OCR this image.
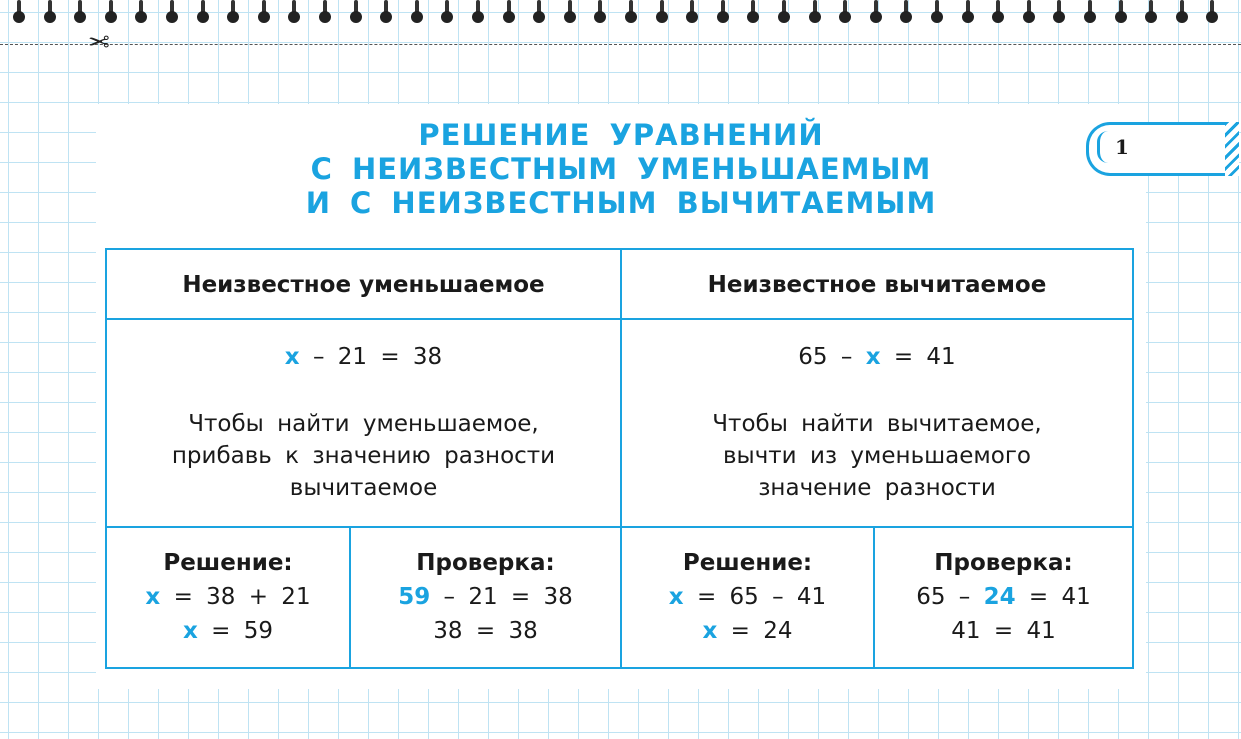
✂
РЕШЕНИЕ УРАВНЕНИЙ
С НЕИЗВЕСТНЫМ УМЕНЬШАЕМЫМ
И С НЕИЗВЕСТНЫМ ВЫЧИТАЕМЫМ
1
Неизвестное уменьшаемое	Неизвестное вычитаемое
x – 21 = 38	65 – x = 41
Чтобы найти уменьшаемое,
прибавь к значению разности
вычитаемое
Чтобы найти вычитаемое,
вычти из уменьшаемого
значение разности
Решение:
x = 38 + 21
x = 59
Проверка:
59 – 21 = 38
38 = 38
Решение:
x = 65 – 41
x = 24
Проверка:
65 – 24 = 41
41 = 41
